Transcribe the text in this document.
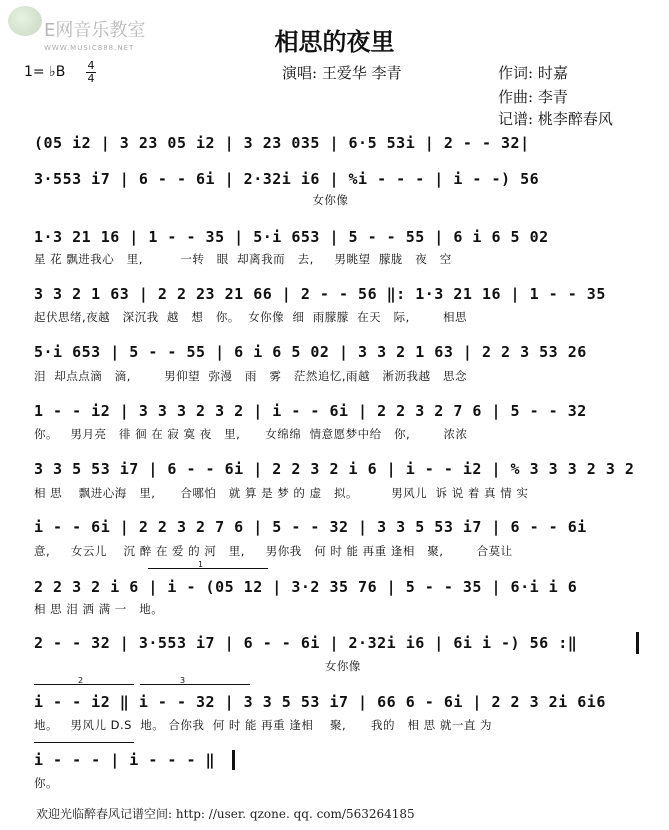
E网音乐教室
WWW.MUSIC888.NET	相思的夜里
1= ♭B 4
4	演唱: 王爱华 李青	作词: 时嘉
作曲: 李青
记谱: 桃李醉春风
(05 i2 | 3 23 05 i2 | 3 23 035 | 6·5 53i | 2 - - 32|
3·553 i7 | 6 - - 6i | 2·32i i6 | %i - - - | i - -) 56
女你像
1·3 21 16 | 1 - - 35 | 5·i 653 | 5 - - 55 | 6 i 6 5 02
星 花 飘进我心   里,         一转   眼  却离我而   去,     男眺望  朦胧   夜   空
3 3 2 1 63 | 2 2 23 21 66 | 2 - - 56 ‖: 1·3 21 16 | 1 - - 35
起伏思绪,夜越   深沉我  越   想   你。  女你像  细  雨朦朦  在天   际,        相思
5·i 653 | 5 - - 55 | 6 i 6 5 02 | 3 3 2 1 63 | 2 2 3 53 26
泪  却点点滴   滴,        男仰望  弥漫   雨   雾   茫然追忆,雨越   淅沥我越   思念
1 - - i2 | 3 3 3 2 3 2 | i - - 6i | 2 2 3 2 7 6 | 5 - - 32
你。   男月亮   徘 徊 在 寂 寞 夜   里,      女绵绵  情意愿梦中给   你,        浓浓
3 3 5 53 i7 | 6 - - 6i | 2 2 3 2 i 6 | i - - i2 | % 3 3 3 2 3 2
相 思    飘进心海   里,      合哪怕   就 算 是 梦 的 虚   拟。        男风儿  诉 说 着 真 情 实
i - - 6i | 2 2 3 2 7 6 | 5 - - 32 | 3 3 5 53 i7 | 6 - - 6i
意,     女云儿    沉 醉 在 爱 的 河   里,     男你我   何 时 能 再重 逢相   聚,        合莫让
1
2 2 3 2 i 6 | i - (05 12 | 3·2 35 76 | 5 - - 35 | 6·i i 6
相 思 泪 洒 满 一   地。
2 - - 32 | 3·553 i7 | 6 - - 6i | 2·32i i6 | 6i i -) 56 :‖
女你像
2	3
i - - i2 ‖ i - - 32 | 3 3 5 53 i7 | 66 6 - 6i | 2 2 3 2i 6i6
地。   男风儿 D.S  地。 合你我  何 时 能 再重 逢相    聚,      我的   相 思 就一直 为
i - - - | i - - - ‖
你。
欢迎光临醉春风记谱空间: http: //user. qzone. qq. com/563264185
